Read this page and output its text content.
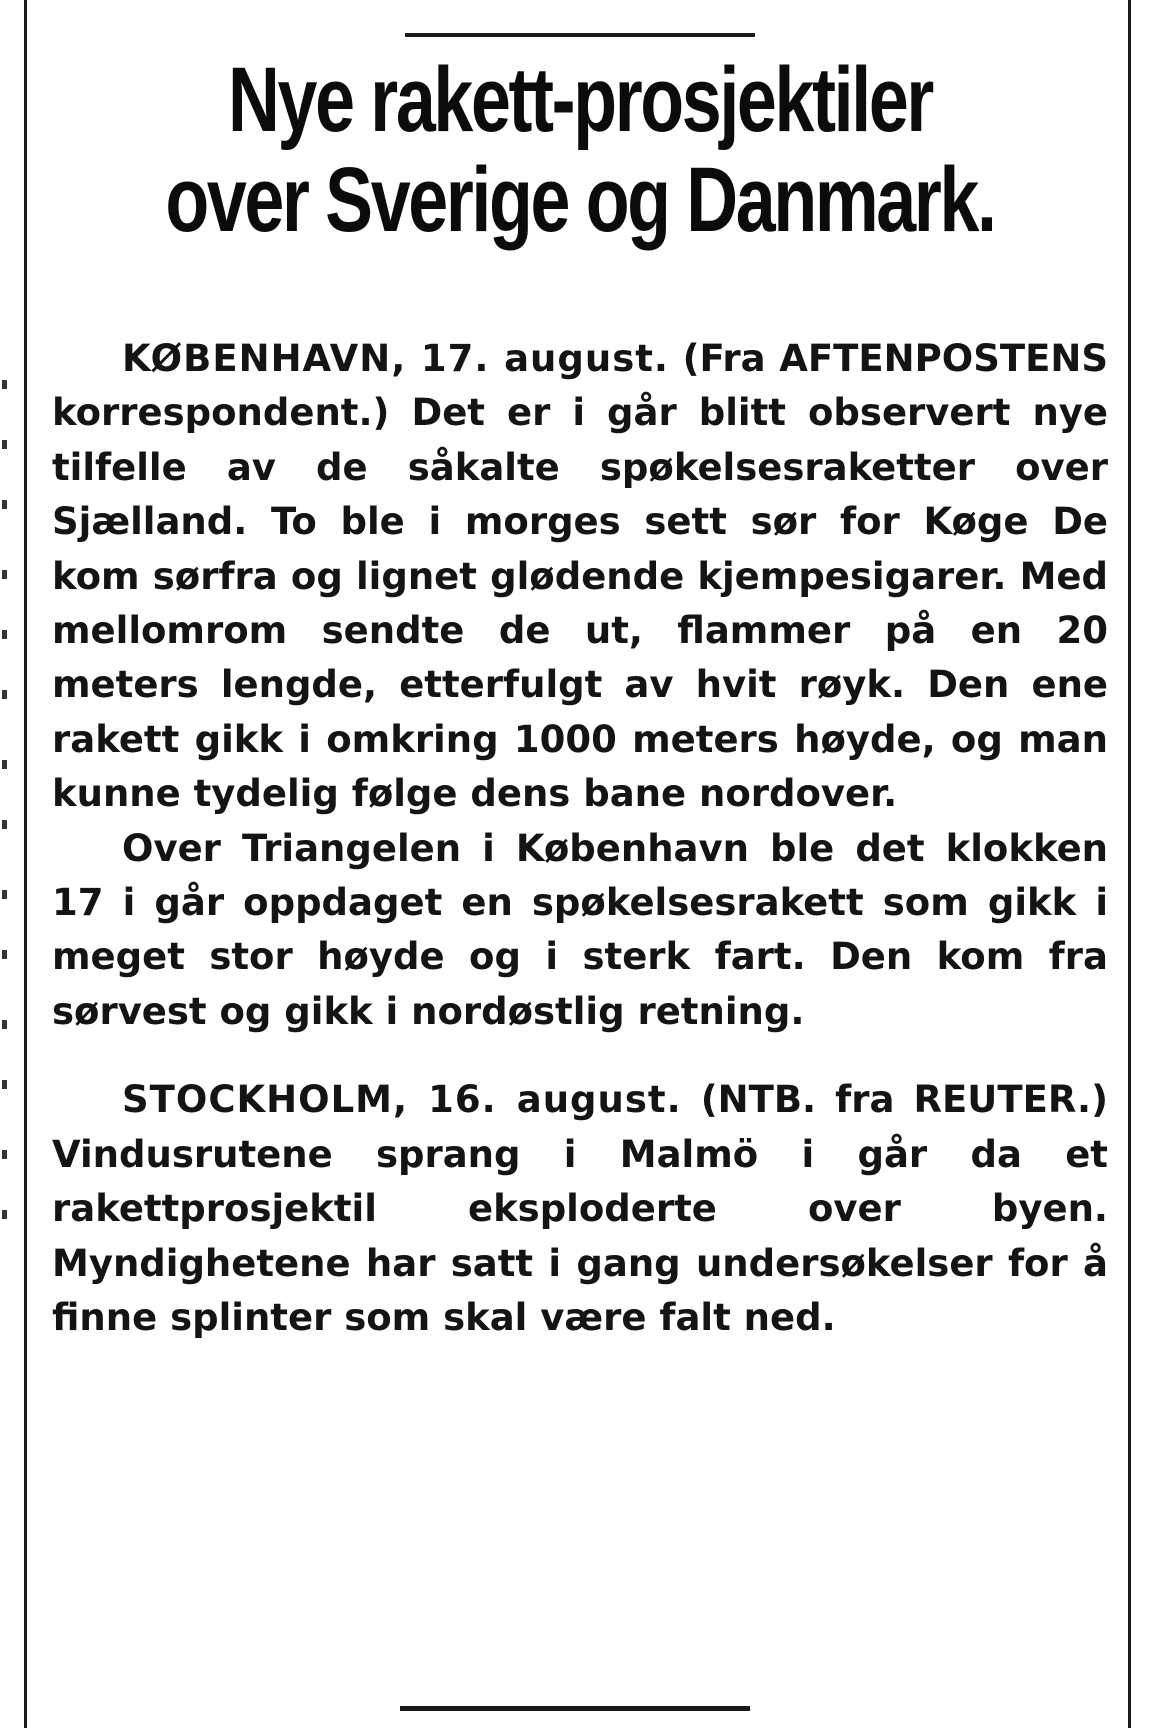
Nye rakett-prosjektiler
over Sverige og Danmark.

KØBENHAVN, 17. august. (Fra AFTENPOSTENS korrespondent.) Det er i går blitt observert nye tilfelle av de såkalte spøkelsesraketter over Sjælland. To ble i morges sett sør for Køge De kom sørfra og lignet glødende kjempesigarer. Med mellomrom sendte de ut, flammer på en 20 meters lengde, etterfulgt av hvit røyk. Den ene rakett gikk i omkring 1000 meters høyde, og man kunne tydelig følge dens bane nordover.

Over Triangelen i København ble det klokken 17 i går oppdaget en spøkelsesrakett som gikk i meget stor høyde og i sterk fart. Den kom fra sørvest og gikk i nordøstlig retning.

STOCKHOLM, 16. august. (NTB. fra REUTER.) Vindusrutene sprang i Malmö i går da et rakettprosjektil eksploderte over byen. Myndighetene har satt i gang undersøkelser for å finne splinter som skal være falt ned.
